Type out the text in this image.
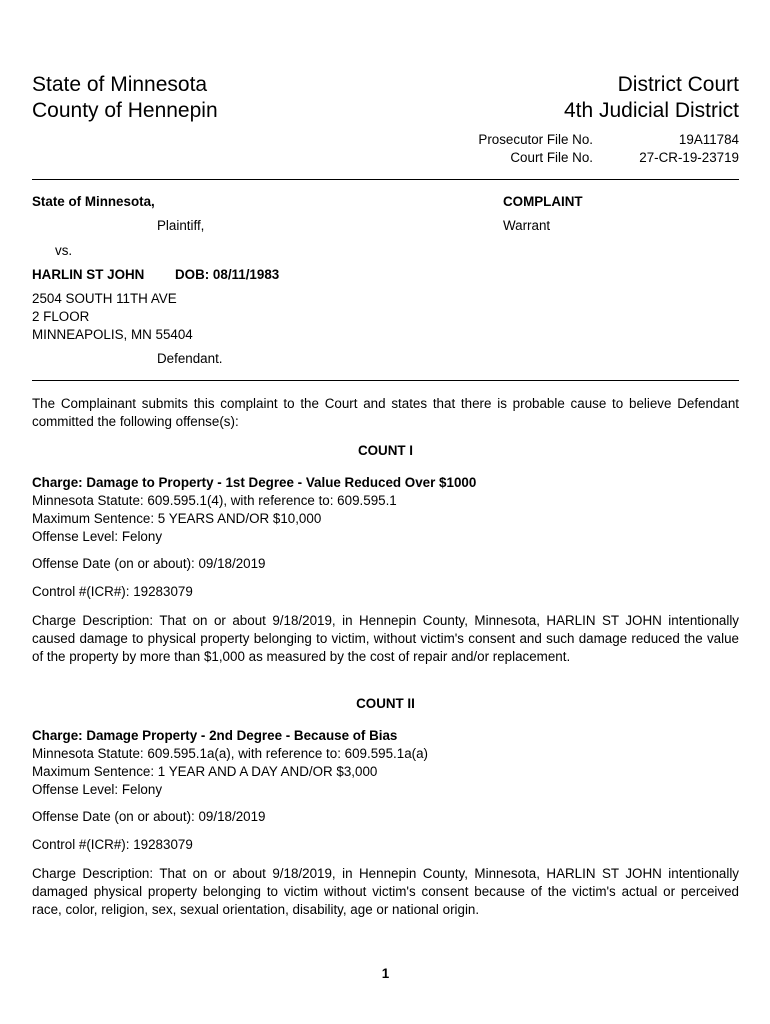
State of Minnesota
County of Hennepin
District Court
4th Judicial District
Prosecutor File No.	19A11784
Court File No.	27-CR-19-23719
State of Minnesota,
Plaintiff,
COMPLAINT
Warrant
vs.
HARLIN ST JOHN DOB: 08/11/1983
2504 SOUTH 11TH AVE
2 FLOOR
MINNEAPOLIS, MN 55404
Defendant.
The Complainant submits this complaint to the Court and states that there is probable cause to believe Defendant committed the following offense(s):
COUNT I
Charge: Damage to Property - 1st Degree - Value Reduced Over $1000
Minnesota Statute: 609.595.1(4), with reference to: 609.595.1
Maximum Sentence: 5 YEARS AND/OR $10,000
Offense Level: Felony
Offense Date (on or about): 09/18/2019
Control #(ICR#): 19283079
Charge Description: That on or about 9/18/2019, in Hennepin County, Minnesota, HARLIN ST JOHN intentionally caused damage to physical property belonging to victim, without victim's consent and such damage reduced the value of the property by more than $1,000 as measured by the cost of repair and/or replacement.
COUNT II
Charge: Damage Property - 2nd Degree - Because of Bias
Minnesota Statute: 609.595.1a(a), with reference to: 609.595.1a(a)
Maximum Sentence: 1 YEAR AND A DAY AND/OR $3,000
Offense Level: Felony
Offense Date (on or about): 09/18/2019
Control #(ICR#): 19283079
Charge Description: That on or about 9/18/2019, in Hennepin County, Minnesota, HARLIN ST JOHN intentionally damaged physical property belonging to victim without victim's consent because of the victim's actual or perceived race, color, religion, sex, sexual orientation, disability, age or national origin.
1
